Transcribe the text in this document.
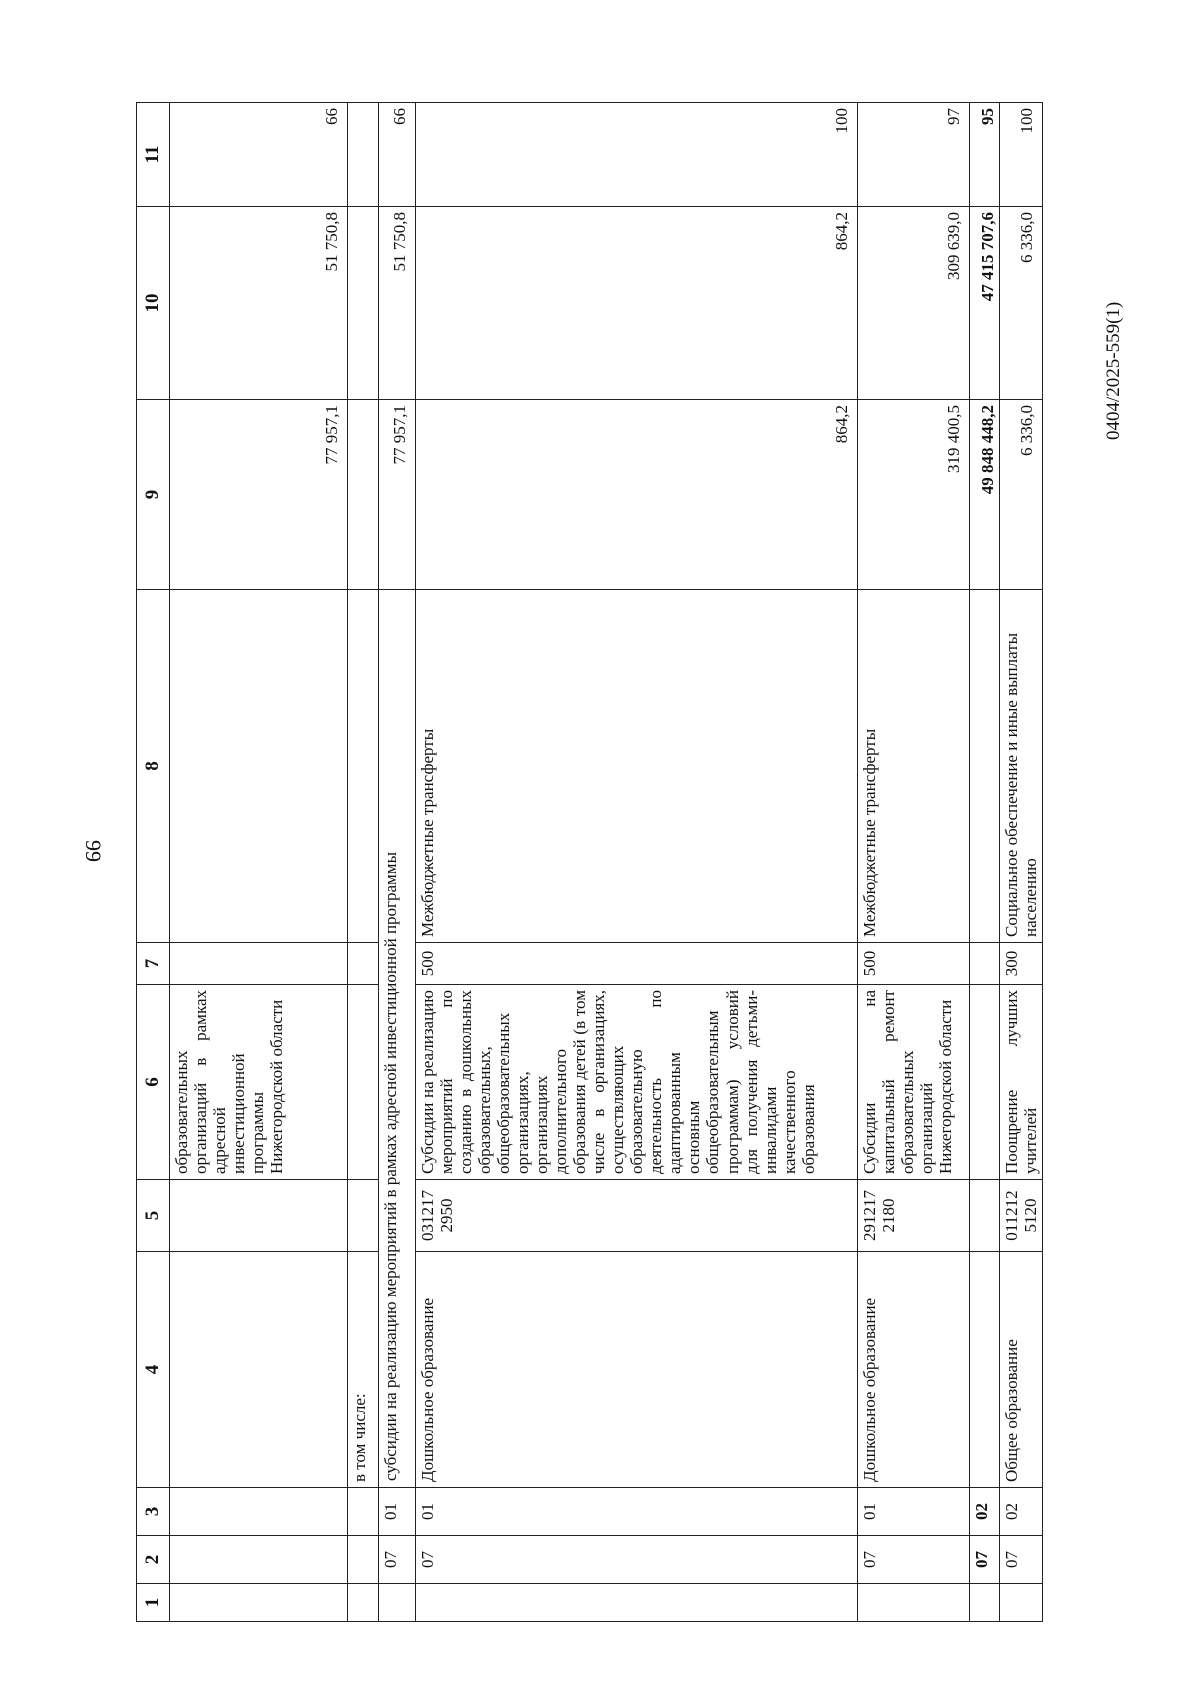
99
0404/2025-559(1)
1	2	3	4	5	6	7	8	9	10	11
					образовательных организаций в рамках адресной инвестиционной программы Нижегородской области			77 957,1	51 750,8	66
			в том числе:							
	07	01	субсидии на реализацию мероприятий в рамках адресной инвестиционной программы					77 957,1	51 750,8	66
	07	01	Дошкольное образование	031217 2950	Субсидии на реализацию мероприятий по созданию в дошкольных образовательных, общеобразовательных организациях, организациях дополнительного образования детей (в том числе в организациях, осуществляющих образовательную деятельность по адаптированным основным общеобразовательным программам) условий для получения детьми-инвалидами качественного образования	500	Межбюджетные трансферты	864,2	864,2	100
	07	01	Дошкольное образование	291217 2180	Субсидии на капитальный ремонт образовательных организаций Нижегородской области	500	Межбюджетные трансферты	319 400,5	309 639,0	97
	07	02						49 848 448,2	47 415 707,6	95
	07	02	Общее образование	011212 5120	Поощрение лучших учителей	300	Социальное обеспечение и иные выплаты населению	6 336,0	6 336,0	100
